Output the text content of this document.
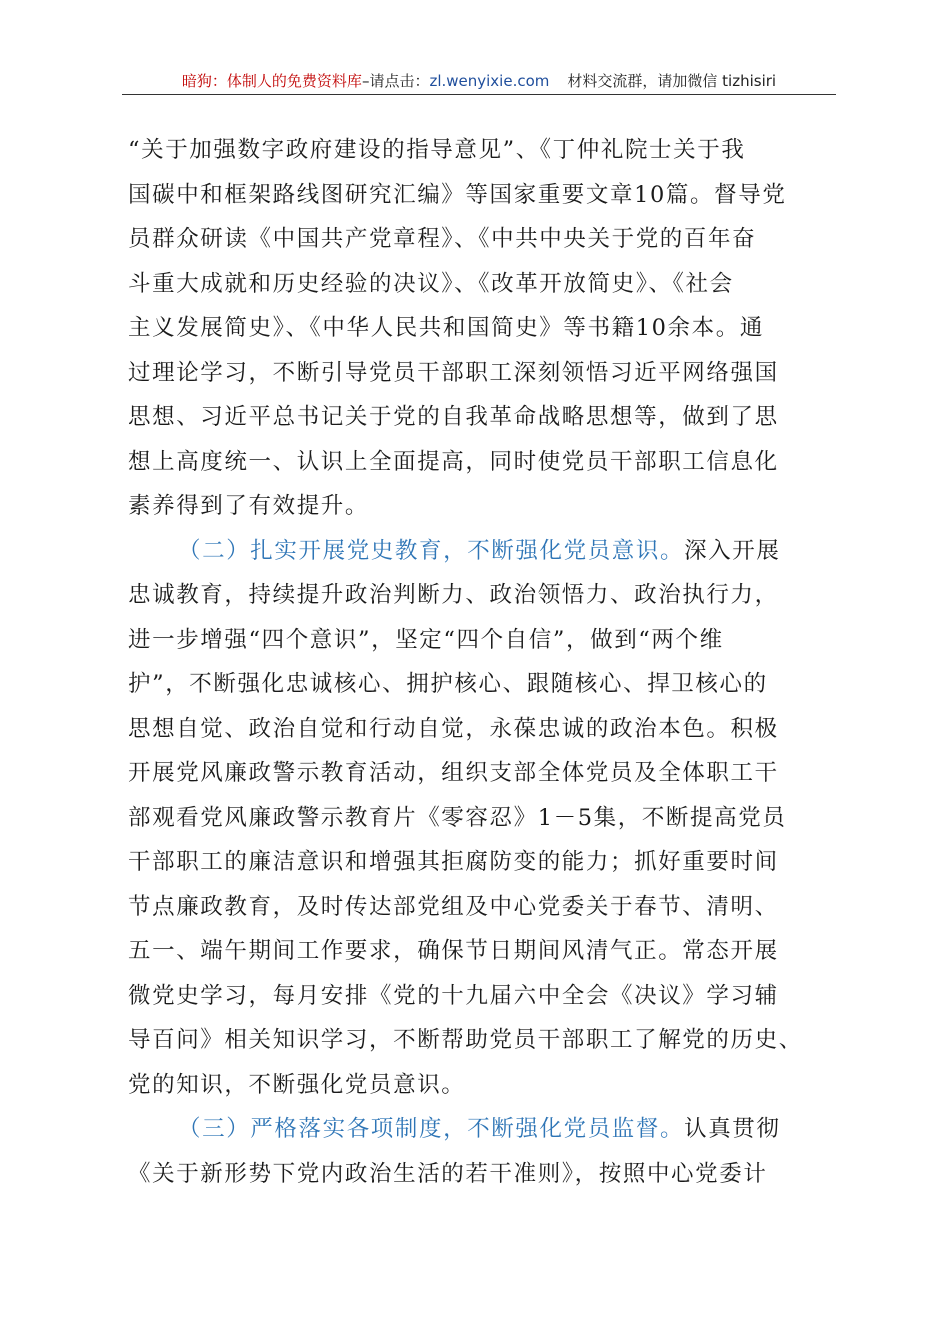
暗狗：体制人的免费资料库–请点击：zl.wenyixie.com 材料交流群，请加微信 tizhisiri
“关于加强数字政府建设的指导意见”、《丁仲礼院士关于我
国碳中和框架路线图研究汇编》等国家重要文章10篇。督导党
员群众研读《中国共产党章程》、《中共中央关于党的百年奋
斗重大成就和历史经验的决议》、《改革开放简史》、《社会
主义发展简史》、《中华人民共和国简史》等书籍10余本。通
过理论学习，不断引导党员干部职工深刻领悟习近平网络强国
思想、习近平总书记关于党的自我革命战略思想等，做到了思
想上高度统一、认识上全面提高，同时使党员干部职工信息化
素养得到了有效提升。
（二）扎实开展党史教育，不断强化党员意识。深入开展
忠诚教育，持续提升政治判断力、政治领悟力、政治执行力，
进一步增强“四个意识”，坚定“四个自信”，做到“两个维
护”，不断强化忠诚核心、拥护核心、跟随核心、捍卫核心的
思想自觉、政治自觉和行动自觉，永葆忠诚的政治本色。积极
开展党风廉政警示教育活动，组织支部全体党员及全体职工干
部观看党风廉政警示教育片《零容忍》1－5集，不断提高党员
干部职工的廉洁意识和增强其拒腐防变的能力；抓好重要时间
节点廉政教育，及时传达部党组及中心党委关于春节、清明、
五一、端午期间工作要求，确保节日期间风清气正。常态开展
微党史学习，每月安排《党的十九届六中全会《决议》学习辅
导百问》相关知识学习，不断帮助党员干部职工了解党的历史、
党的知识，不断强化党员意识。
（三）严格落实各项制度，不断强化党员监督。认真贯彻
《关于新形势下党内政治生活的若干准则》，按照中心党委计
